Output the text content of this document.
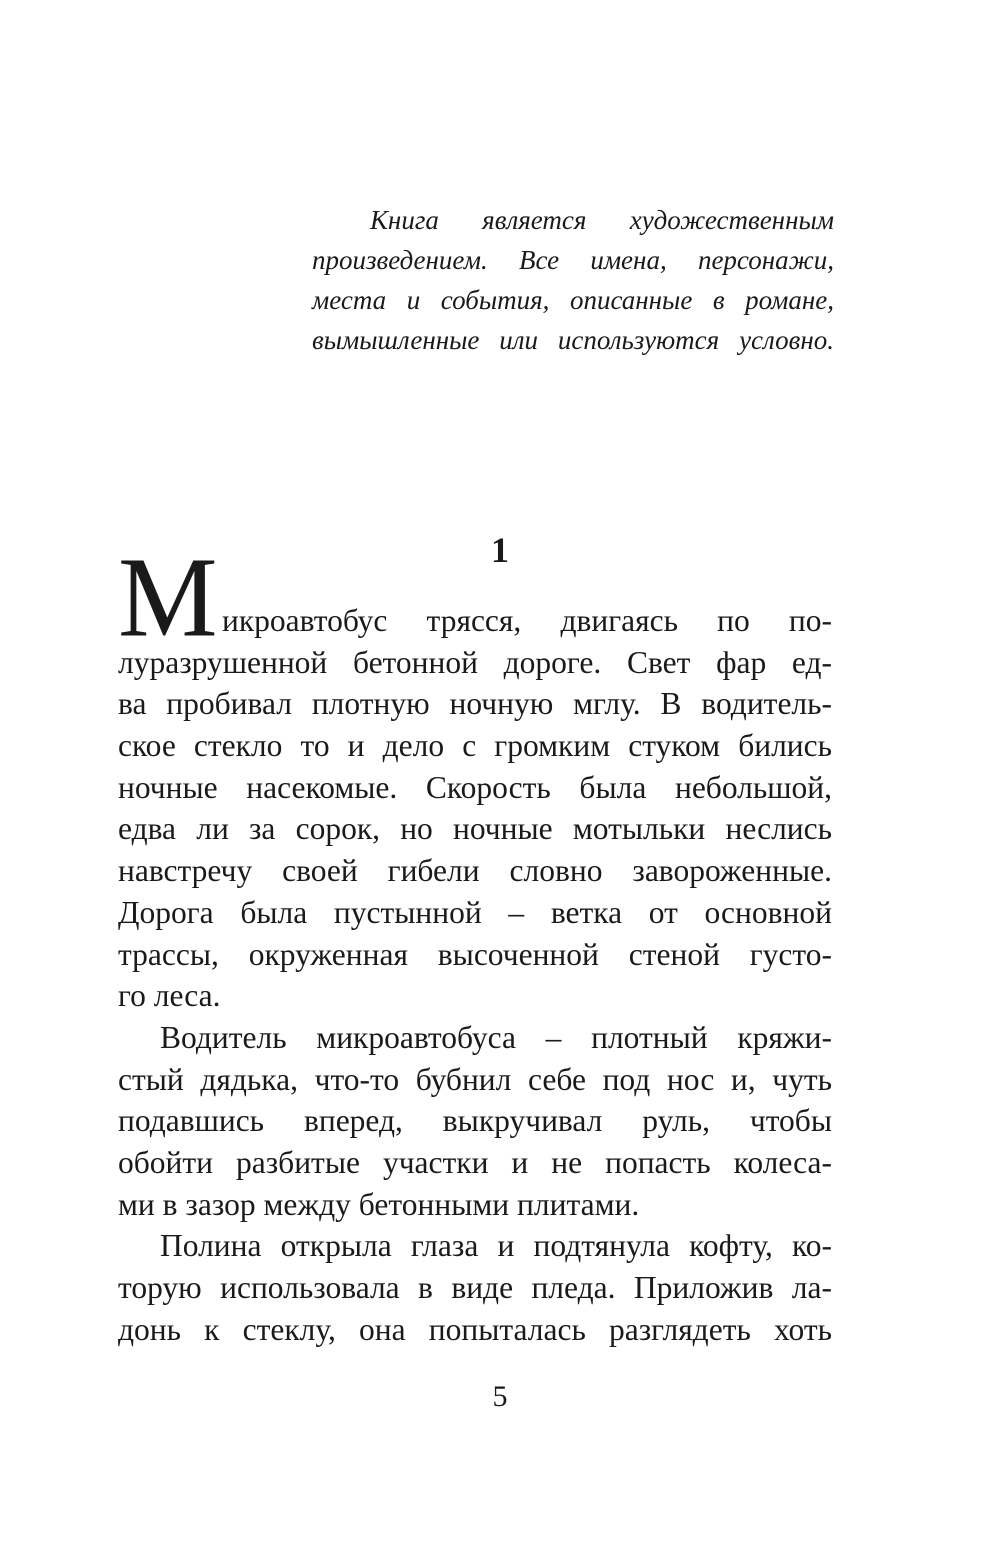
Книга является художественным
произведением. Все имена, персонажи,
места и события, описанные в романе,
вымышленные или используются условно.
1
М икроавтобус трясся, двигаясь по по-
луразрушенной бетонной дороге. Свет фар ед-
ва пробивал плотную ночную мглу. В водитель-
ское стекло то и дело с громким стуком бились
ночные насекомые. Скорость была небольшой,
едва ли за сорок, но ночные мотыльки неслись
навстречу своей гибели словно завороженные.
Дорога была пустынной – ветка от основной
трассы, окруженная высоченной стеной густо-
го леса.
Водитель микроавтобуса – плотный кряжи-
стый дядька, что-то бубнил себе под нос и, чуть
подавшись вперед, выкручивал руль, чтобы
обойти разбитые участки и не попасть колеса-
ми в зазор между бетонными плитами.
Полина открыла глаза и подтянула кофту, ко-
торую использовала в виде пледа. Приложив ла-
донь к стеклу, она попыталась разглядеть хоть
5
